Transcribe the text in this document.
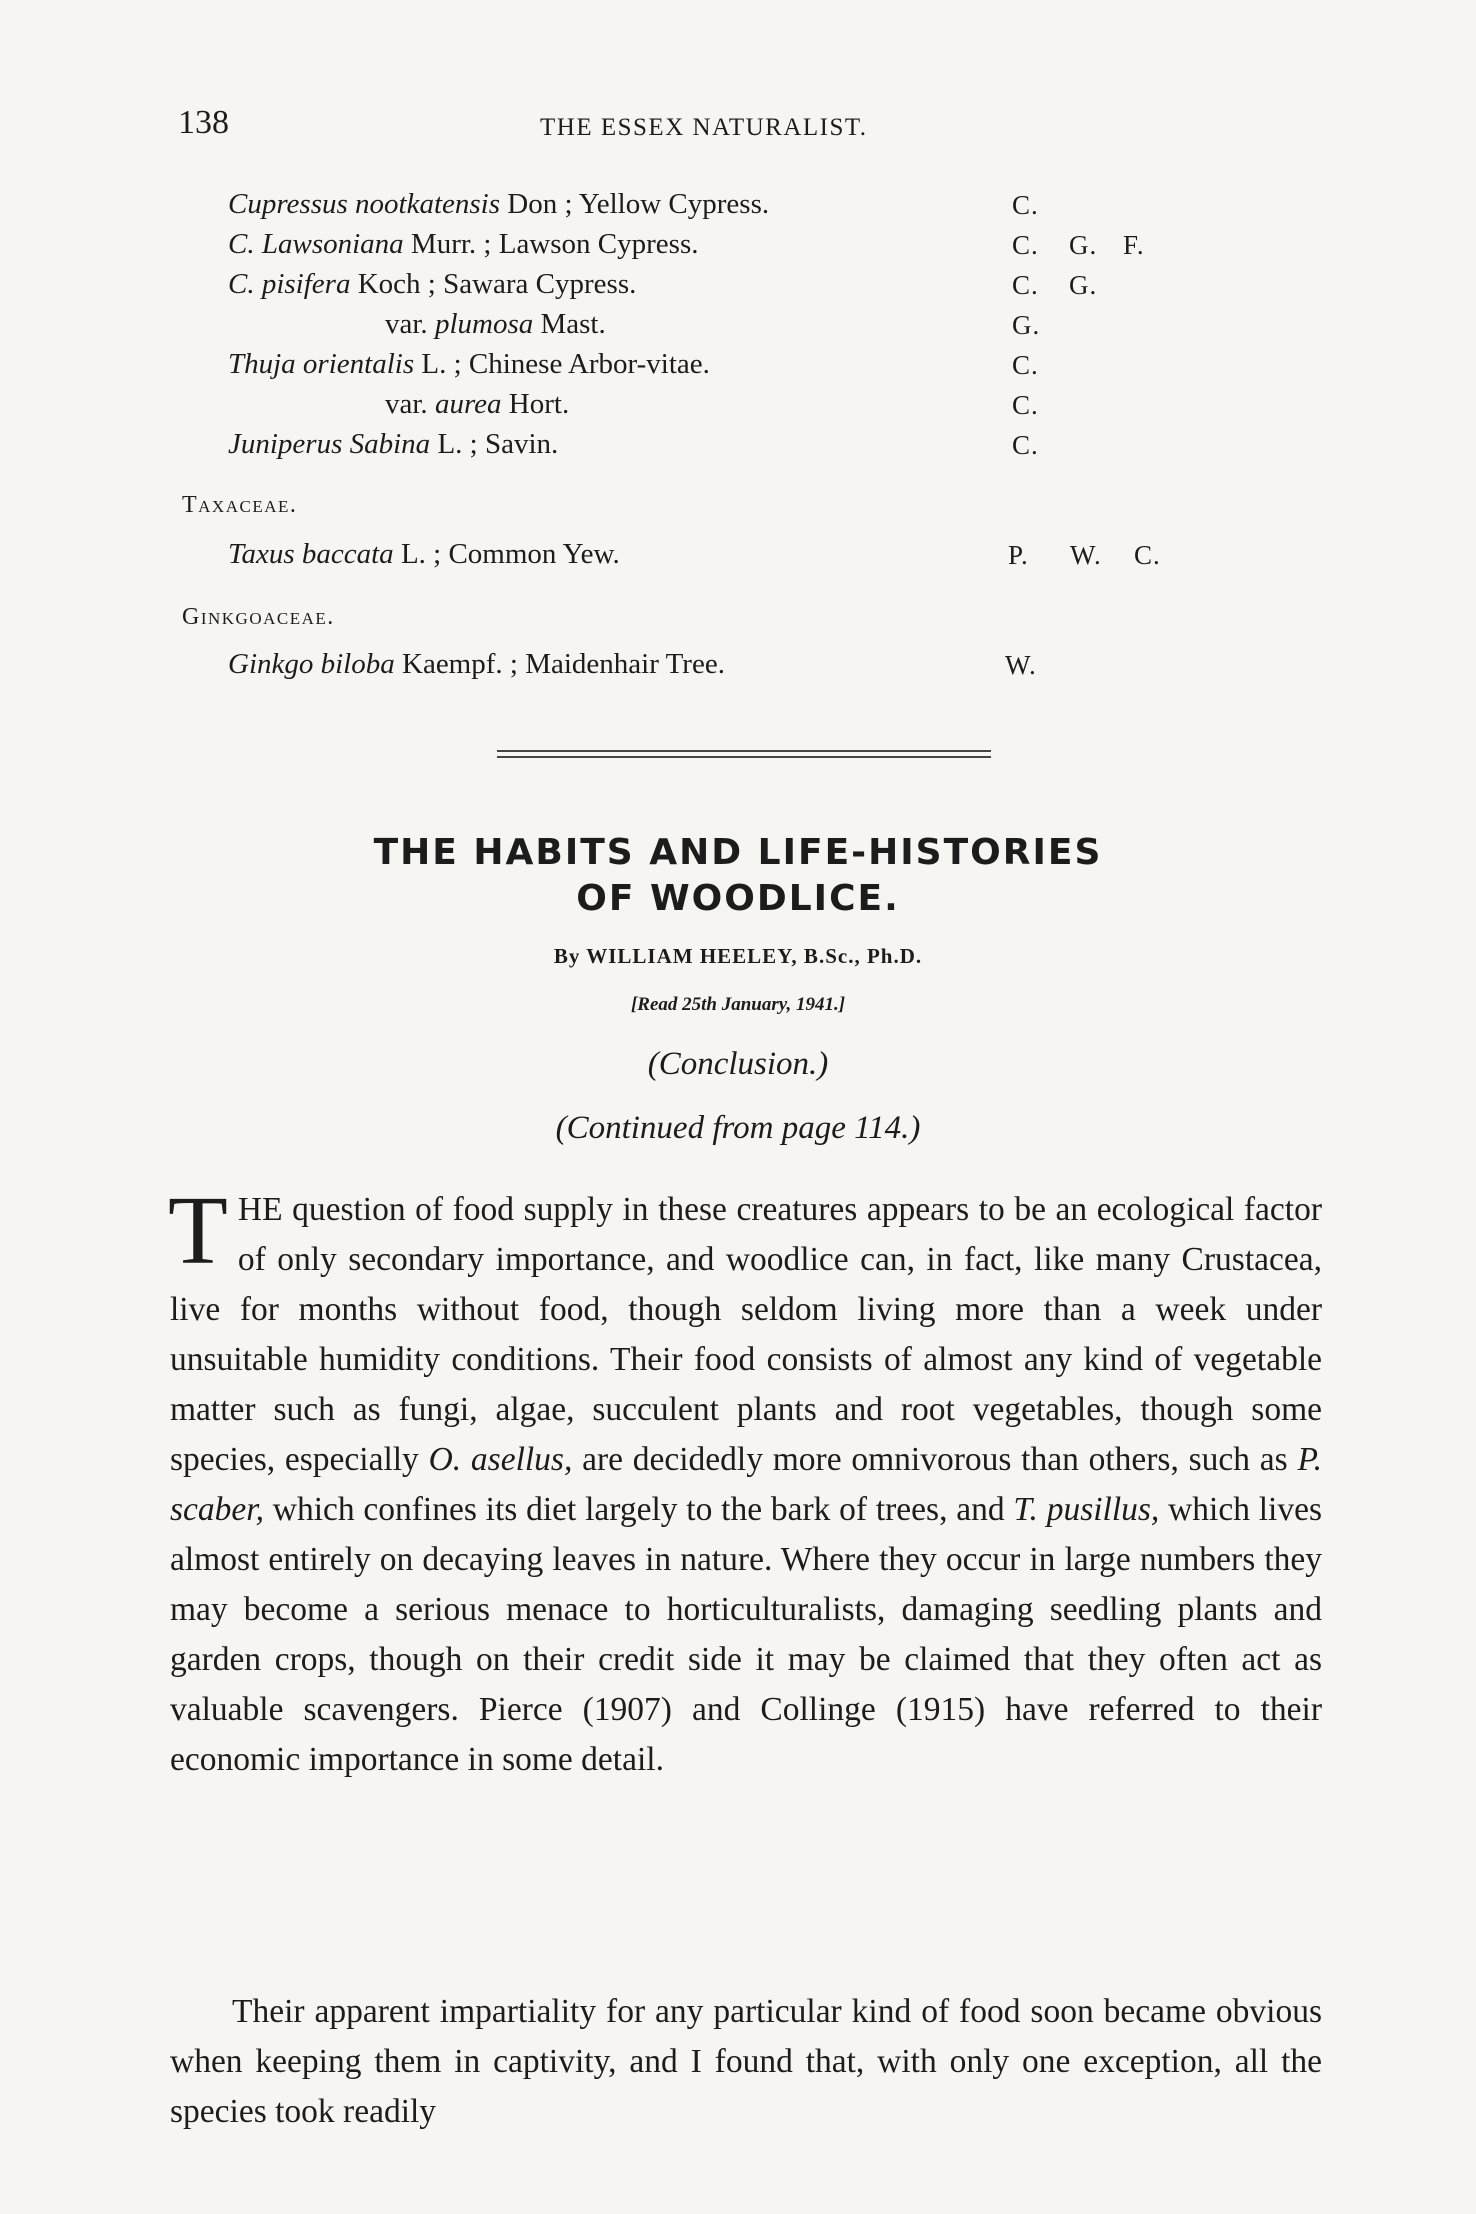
138	THE ESSEX NATURALIST.
Cupressus nootkatensis Don ; Yellow Cypress.	C.
C. Lawsoniana Murr. ; Lawson Cypress.	C. G. F.
C. pisifera Koch ; Sawara Cypress.	C. G.
var. plumosa Mast.	G.
Thuja orientalis L. ; Chinese Arbor-vitae.	C.
var. aurea Hort.	C.
Juniperus Sabina L. ; Savin.	C.
Taxaceae.
Taxus baccata L. ; Common Yew.	P. W. C.
Ginkgoaceae.
Ginkgo biloba Kaempf. ; Maidenhair Tree.	W.
THE HABITS AND LIFE-HISTORIES
OF WOODLICE.
By WILLIAM HEELEY, B.Sc., Ph.D.
[Read 25th January, 1941.]
(Conclusion.)
(Continued from page 114.)
THE question of food supply in these creatures appears to be an ecological factor of only secondary importance, and woodlice can, in fact, like many Crustacea, live for months without food, though seldom living more than a week under unsuitable humidity conditions. Their food consists of almost any kind of vegetable matter such as fungi, algae, succulent plants and root vegetables, though some species, especially O. asellus, are decidedly more omnivorous than others, such as P. scaber, which confines its diet largely to the bark of trees, and T. pusillus, which lives almost entirely on decaying leaves in nature. Where they occur in large numbers they may become a serious menace to horticulturalists, damaging seedling plants and garden crops, though on their credit side it may be claimed that they often act as valuable scavengers. Pierce (1907) and Collinge (1915) have referred to their economic importance in some detail.
Their apparent impartiality for any particular kind of food soon became obvious when keeping them in captivity, and I found that, with only one exception, all the species took readily
